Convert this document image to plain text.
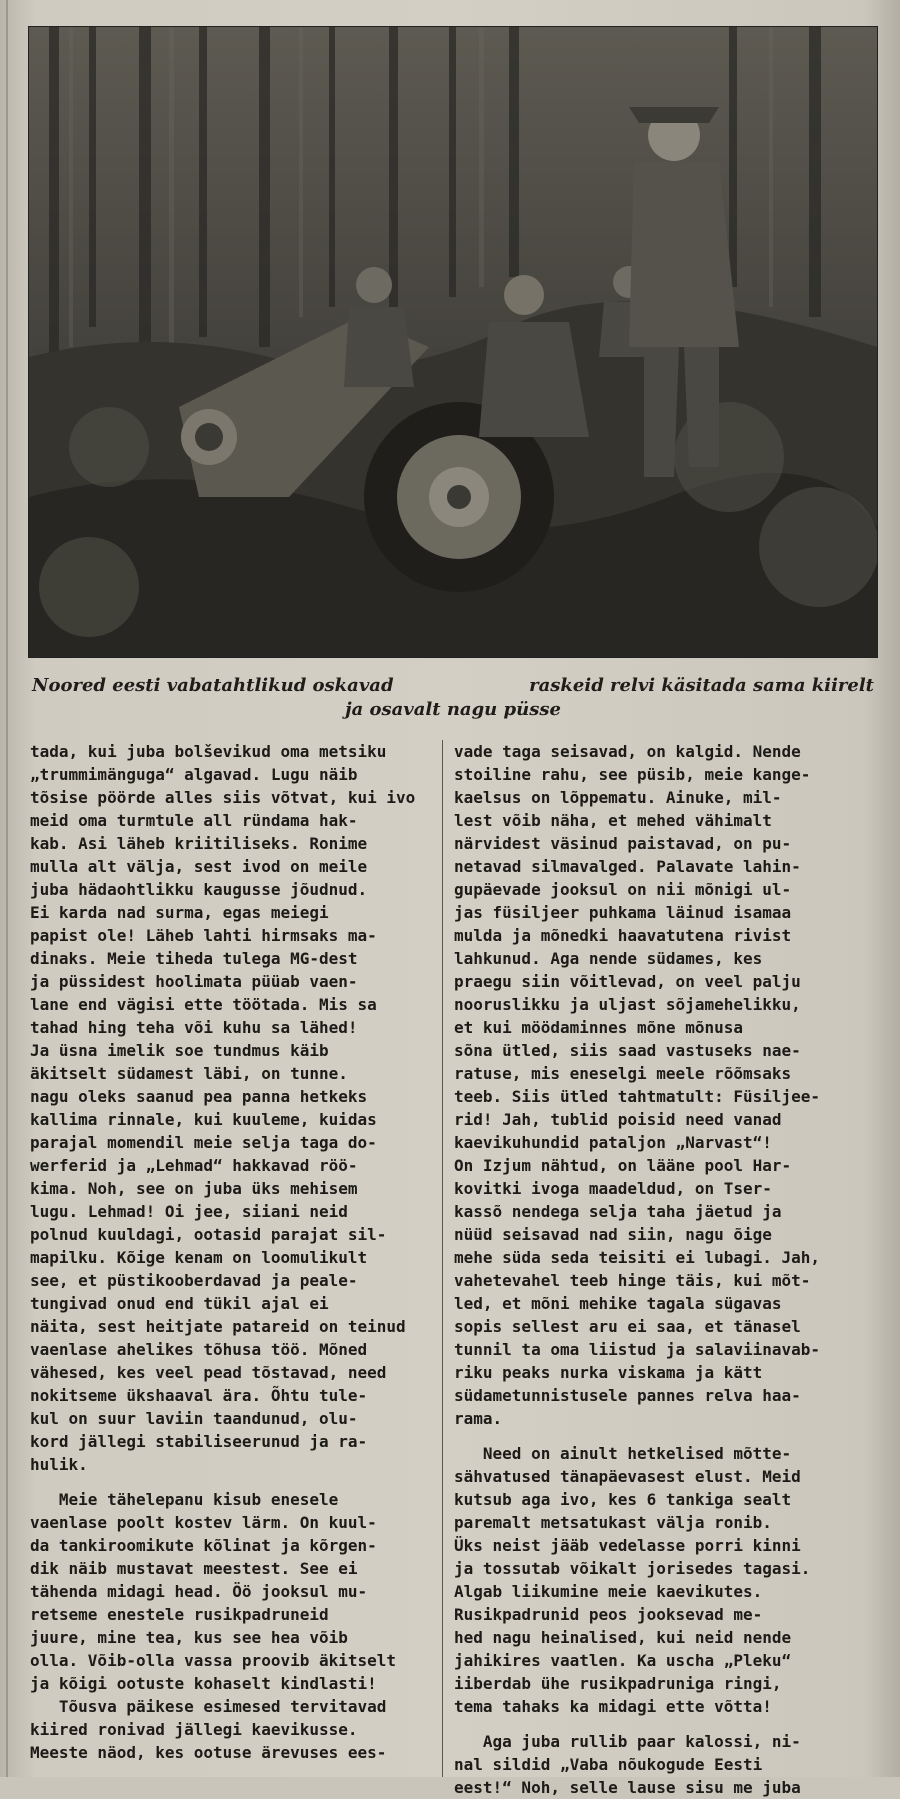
Noored eesti vabatahtlikud oskavad	raskeid relvi käsitada sama kiirelt
ja osavalt nagu püsse
tada, kui juba bolševikud oma metsiku
„trummimänguga“ algavad. Lugu näib
tõsise pöörde alles siis võtvat, kui ivo
meid oma turmtule all ründama hak-
kab. Asi läheb kriitiliseks. Ronime
mulla alt välja, sest ivod on meile
juba hädaohtlikku kaugusse jõudnud.
Ei karda nad surma, egas meiegi
papist ole! Läheb lahti hirmsaks ma-
dinaks. Meie tiheda tulega MG-dest
ja püssidest hoolimata püüab vaen-
lane end vägisi ette töötada. Mis sa
tahad hing teha või kuhu sa lähed!
Ja üsna imelik soe tundmus käib
äkitselt südamest läbi, on tunne.
nagu oleks saanud pea panna hetkeks
kallima rinnale, kui kuuleme, kuidas
parajal momendil meie selja taga do-
werferid ja „Lehmad“ hakkavad röö-
kima. Noh, see on juba üks mehisem
lugu. Lehmad! Oi jee, siiani neid
polnud kuuldagi, ootasid parajat sil-
mapilku. Kõige kenam on loomulikult
see, et püstikooberdavad ja peale-
tungivad onud end tükil ajal ei
näita, sest heitjate patareid on teinud
vaenlase ahelikes tõhusa töö. Mõned
vähesed, kes veel pead tõstavad, need
nokitseme ükshaaval ära. Õhtu tule-
kul on suur laviin taandunud, olu-
kord jällegi stabiliseerunud ja ra-
hulik.
Meie tähelepanu kisub enesele
vaenlase poolt kostev lärm. On kuul-
da tankiroomikute kõlinat ja kõrgen-
dik näib mustavat meestest. See ei
tähenda midagi head. Öö jooksul mu-
retseme enestele rusikpadruneid
juure, mine tea, kus see hea võib
olla. Võib-olla vassa proovib äkitselt
ja kõigi ootuste kohaselt kindlasti!
Tõusva päikese esimesed tervitavad
kiired ronivad jällegi kaevikusse.
Meeste näod, kes ootuse ärevuses ees-
vade taga seisavad, on kalgid. Nende
stoiline rahu, see püsib, meie kange-
kaelsus on lõppematu. Ainuke, mil-
lest võib näha, et mehed vähimalt
närvidest väsinud paistavad, on pu-
netavad silmavalged. Palavate lahin-
gupäevade jooksul on nii mõnigi ul-
jas füsiljeer puhkama läinud isamaa
mulda ja mõnedki haavatutena rivist
lahkunud. Aga nende südames, kes
praegu siin võitlevad, on veel palju
nooruslikku ja uljast sõjamehelikku,
et kui möödaminnes mõne mõnusa
sõna ütled, siis saad vastuseks nae-
ratuse, mis eneselgi meele rõõmsaks
teeb. Siis ütled tahtmatult: Füsiljee-
rid! Jah, tublid poisid need vanad
kaevikuhundid pataljon „Narvast“!
On Izjum nähtud, on lääne pool Har-
kovitki ivoga maadeldud, on Tser-
kassõ nendega selja taha jäetud ja
nüüd seisavad nad siin, nagu õige
mehe süda seda teisiti ei lubagi. Jah,
vahetevahel teeb hinge täis, kui mõt-
led, et mõni mehike tagala sügavas
sopis sellest aru ei saa, et tänasel
tunnil ta oma liistud ja salaviinavab-
riku peaks nurka viskama ja kätt
südametunnistusele pannes relva haa-
rama.
Need on ainult hetkelised mõtte-
sähvatused tänapäevasest elust. Meid
kutsub aga ivo, kes 6 tankiga sealt
paremalt metsatukast välja ronib.
Üks neist jääb vedelasse porri kinni
ja tossutab võikalt jorisedes tagasi.
Algab liikumine meie kaevikutes.
Rusikpadrunid peos jooksevad me-
hed nagu heinalised, kui neid nende
jahikires vaatlen. Ka uscha „Pleku“
iiberdab ühe rusikpadruniga ringi,
tema tahaks ka midagi ette võtta!
Aga juba rullib paar kalossi, ni-
nal sildid „Vaba nõukogude Eesti
eest!“ Noh, selle lause sisu me juba
